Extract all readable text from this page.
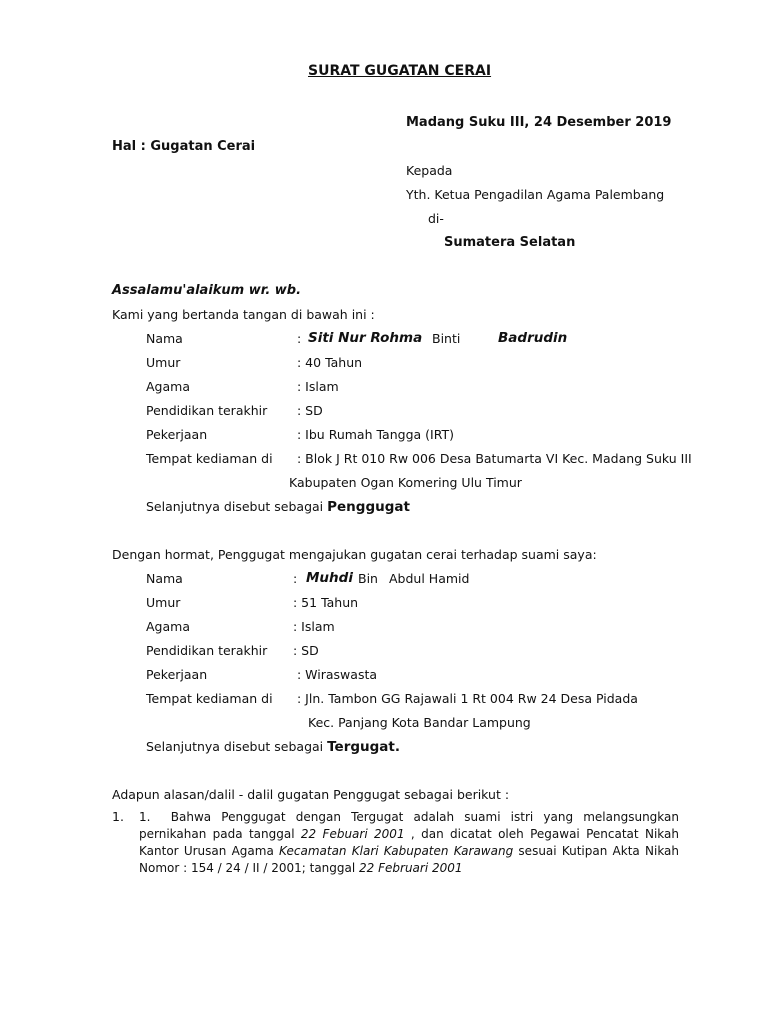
SURAT GUGATAN CERAI
Madang Suku III, 24 Desember 2019
Hal : Gugatan Cerai
Kepada
Yth. Ketua Pengadilan Agama Palembang
di-
Sumatera Selatan
Assalamu'alaikum wr. wb.
Kami yang bertanda tangan di bawah ini :
Nama	: Siti Nur Rohma Binti	Badrudin
Umur	: 40 Tahun
Agama	: Islam
Pendidikan terakhir : SD
Pekerjaan	: Ibu Rumah Tangga (IRT)
Tempat kediaman di : Blok J Rt 010 Rw 006 Desa Batumarta VI Kec. Madang Suku III
Kabupaten Ogan Komering Ulu Timur
Selanjutnya disebut sebagai Penggugat
Dengan hormat, Penggugat mengajukan gugatan cerai terhadap suami saya:
Nama	: Muhdi Bin Abdul Hamid
Umur	: 51 Tahun
Agama	: Islam
Pendidikan terakhir : SD
Pekerjaan	: Wiraswasta
Tempat kediaman di : Jln. Tambon GG Rajawali 1 Rt 004 Rw 24 Desa Pidada
Kec. Panjang Kota Bandar Lampung
Selanjutnya disebut sebagai Tergugat.
Adapun alasan/dalil - dalil gugatan Penggugat sebagai berikut :
1. 1. Bahwa Penggugat dengan Tergugat adalah suami istri yang melangsungkan pernikahan pada tanggal 22 Febuari 2001 , dan dicatat oleh Pegawai Pencatat Nikah Kantor Urusan Agama Kecamatan Klari Kabupaten Karawang sesuai Kutipan Akta Nikah Nomor : 154 / 24 / II / 2001; tanggal 22 Februari 2001
